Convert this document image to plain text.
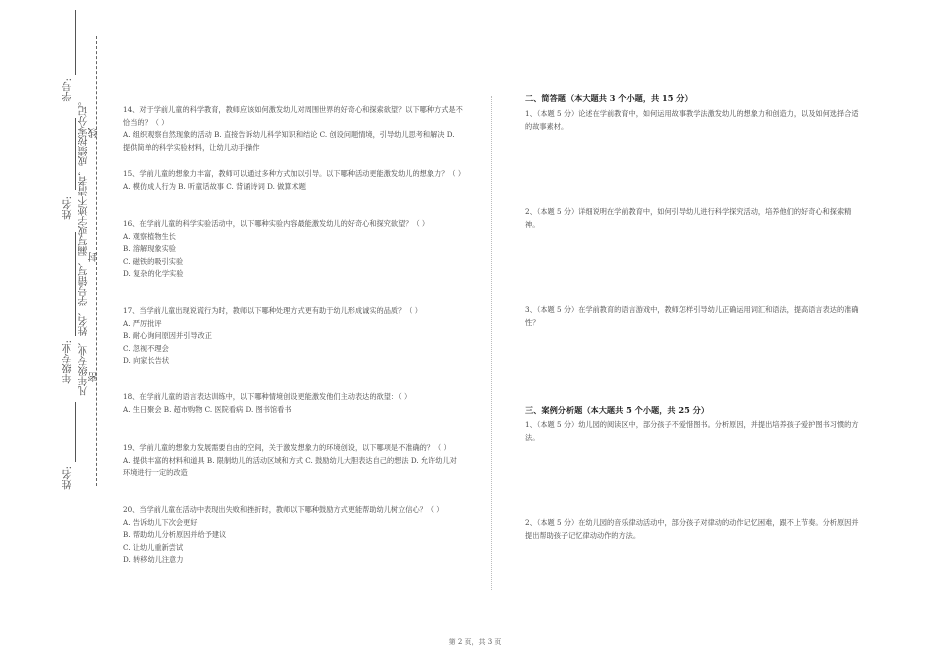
学号:
姓名:
年级专业:
姓名:
凡年级专业、姓名、学号错写、漏写或字迹不清者，成绩按零分记。 线
封
密

14、对于学前儿童的科学教育，教师应该如何激发幼儿对周围世界的好奇心和探索欲望？以下哪种方式是不恰当的？（ ）

A. 组织观察自然现象的活动 B. 直接告诉幼儿科学知识和结论 C. 创设问题情境，引导幼儿思考和解决 D. 提供简单的科学实验材料，让幼儿动手操作

15、学前儿童的想象力丰富，教师可以通过多种方式加以引导。以下哪种活动更能激发幼儿的想象力？（ ）

A. 模仿成人行为 B. 听童话故事 C. 背诵诗词 D. 做算术题

16、在学前儿童的科学实验活动中，以下哪种实验内容最能激发幼儿的好奇心和探究欲望？（ ）

A. 观察植物生长

B. 溶解现象实验

C. 磁铁的吸引实验

D. 复杂的化学实验

17、当学前儿童出现说谎行为时，教师以下哪种处理方式更有助于幼儿形成诚实的品质？（ ）

A. 严厉批评

B. 耐心询问原因并引导改正

C. 忽视不理会

D. 向家长告状

18、在学前儿童的语言表达训练中，以下哪种情境创设更能激发他们主动表达的欲望：（ ）

A. 生日聚会 B. 超市购物 C. 医院看病 D. 图书馆看书

19、学前儿童的想象力发展需要自由的空间，关于激发想象力的环境创设，以下哪项是不准确的？（ ）

A. 提供丰富的材料和道具 B. 限制幼儿的活动区域和方式 C. 鼓励幼儿大胆表达自己的想法 D. 允许幼儿对环境进行一定的改造

20、当学前儿童在活动中表现出失败和挫折时，教师以下哪种鼓励方式更能帮助幼儿树立信心？（ ）

A. 告诉幼儿下次会更好

B. 帮助幼儿分析原因并给予建议

C. 让幼儿重新尝试

D. 转移幼儿注意力

二、简答题（本大题共 3 个小题，共 15 分）

1、（本题 5 分）论述在学前教育中，如何运用故事教学法激发幼儿的想象力和创造力，以及如何选择合适的故事素材。

2、（本题 5 分）详细说明在学前教育中，如何引导幼儿进行科学探究活动，培养他们的好奇心和探索精神。

3、（本题 5 分）在学前教育的语言游戏中，教师怎样引导幼儿正确运用词汇和语法，提高语言表达的准确性？

三、案例分析题（本大题共 5 个小题，共 25 分）

1、（本题 5 分）幼儿园的阅读区中，部分孩子不爱惜图书。分析原因，并提出培养孩子爱护图书习惯的方法。

2、（本题 5 分）在幼儿园的音乐律动活动中，部分孩子对律动的动作记忆困难，跟不上节奏。分析原因并提出帮助孩子记忆律动动作的方法。

第 2 页，共 3 页
